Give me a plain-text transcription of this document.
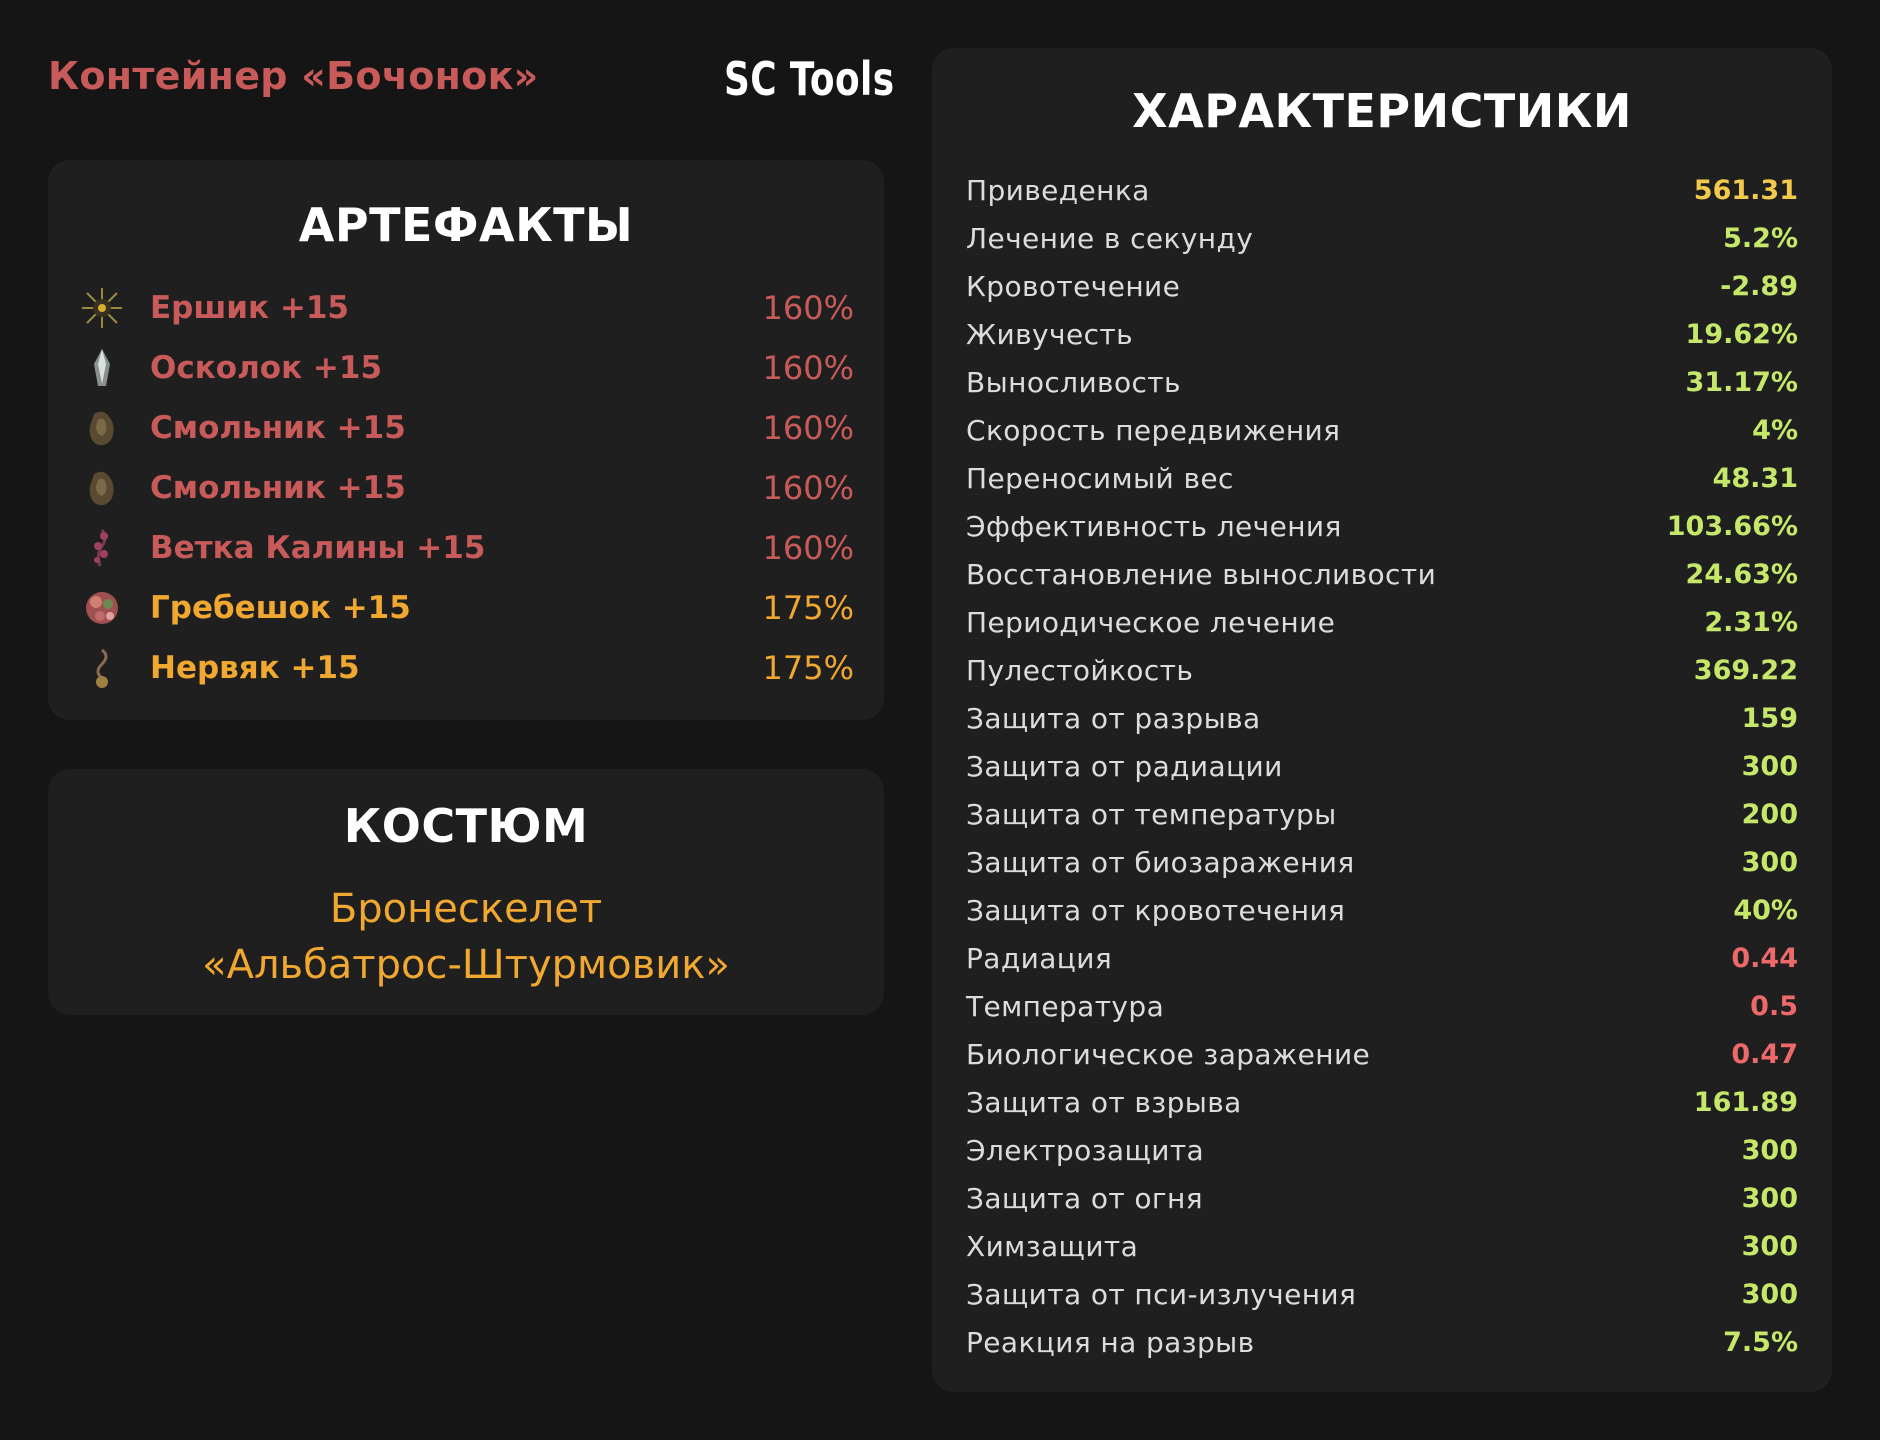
Контейнер «Бочонок»	SC Tools
АРТЕФАКТЫ
Ершик +15	160%
Осколок +15	160%
Смольник +15	160%
Смольник +15	160%
Ветка Калины +15	160%
Гребешок +15	175%
Нервяк +15	175%
КОСТЮМ
Бронескелет
«Альбатрос-Штурмовик»
ХАРАКТЕРИСТИКИ
Приведенка	561.31
Лечение в секунду	5.2%
Кровотечение	-2.89
Живучесть	19.62%
Выносливость	31.17%
Скорость передвижения	4%
Переносимый вес	48.31
Эффективность лечения	103.66%
Восстановление выносливости	24.63%
Периодическое лечение	2.31%
Пулестойкость	369.22
Защита от разрыва	159
Защита от радиации	300
Защита от температуры	200
Защита от биозаражения	300
Защита от кровотечения	40%
Радиация	0.44
Температура	0.5
Биологическое заражение	0.47
Защита от взрыва	161.89
Электрозащита	300
Защита от огня	300
Химзащита	300
Защита от пси-излучения	300
Реакция на разрыв	7.5%
